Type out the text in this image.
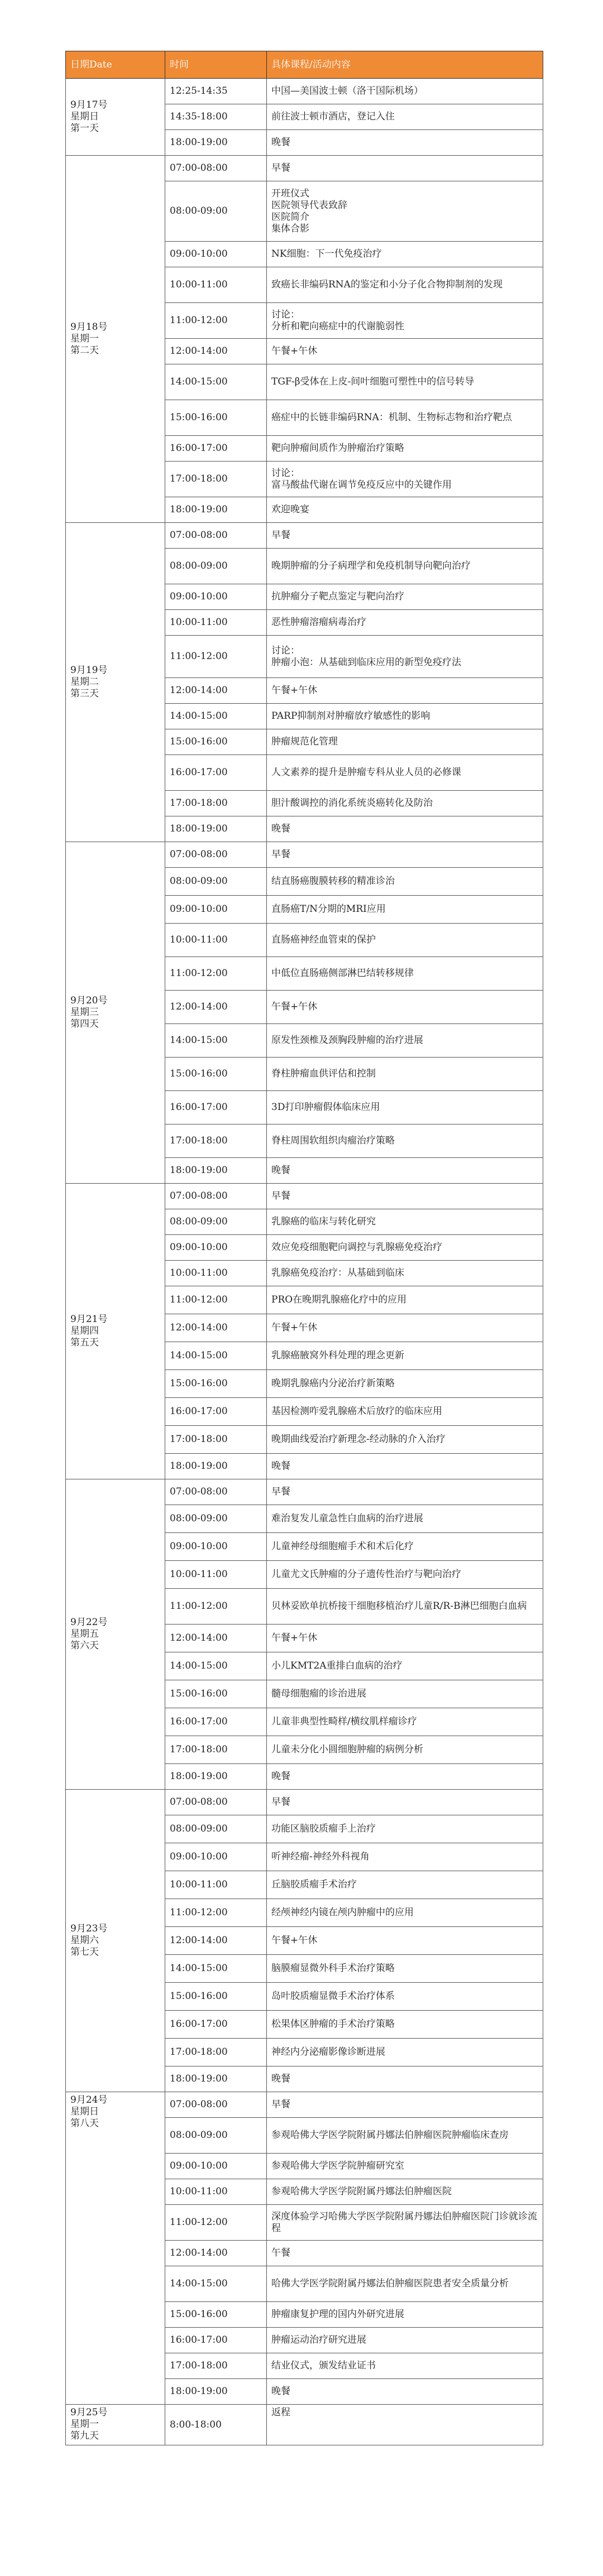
日期Date	时间	具体课程/活动内容
9月17号
星期日
第一天	12:25-14:35	中国—美国波士顿（洛干国际机场）
	14:35-18:00	前往波士顿市酒店，登记入住
	18:00-19:00	晚餐
9月18号
星期一
第二天	07:00-08:00	早餐
	08:00-09:00	开班仪式
医院领导代表致辞
医院简介
集体合影
	09:00-10:00	NK细胞：下一代免疫治疗
	10:00-11:00	致癌长非编码RNA的鉴定和小分子化合物抑制剂的发现
	11:00-12:00	讨论：
分析和靶向癌症中的代谢脆弱性
	12:00-14:00	午餐+午休
	14:00-15:00	TGF-β受体在上皮-间叶细胞可塑性中的信号转导
	15:00-16:00	癌症中的长链非编码RNA：机制、生物标志物和治疗靶点
	16:00-17:00	靶向肿瘤间质作为肿瘤治疗策略
	17:00-18:00	讨论：
富马酸盐代谢在调节免疫反应中的关键作用
	18:00-19:00	欢迎晚宴
9月19号
星期二
第三天	07:00-08:00	早餐
	08:00-09:00	晚期肿瘤的分子病理学和免疫机制导向靶向治疗
	09:00-10:00	抗肿瘤分子靶点鉴定与靶向治疗
	10:00-11:00	恶性肿瘤溶瘤病毒治疗
	11:00-12:00	讨论：
肿瘤小泡：从基础到临床应用的新型免疫疗法
	12:00-14:00	午餐+午休
	14:00-15:00	PARP抑制剂对肿瘤放疗敏感性的影响
	15:00-16:00	肿瘤规范化管理
	16:00-17:00	人文素养的提升是肿瘤专科从业人员的必修课
	17:00-18:00	胆汁酸调控的消化系统炎癌转化及防治
	18:00-19:00	晚餐
9月20号
星期三
第四天	07:00-08:00	早餐
	08:00-09:00	结直肠癌腹膜转移的精准诊治
	09:00-10:00	直肠癌T/N分期的MRI应用
	10:00-11:00	直肠癌神经血管束的保护
	11:00-12:00	中低位直肠癌侧部淋巴结转移规律
	12:00-14:00	午餐+午休
	14:00-15:00	原发性颈椎及颈胸段肿瘤的治疗进展
	15:00-16:00	脊柱肿瘤血供评估和控制
	16:00-17:00	3D打印肿瘤假体临床应用
	17:00-18:00	脊柱周围软组织肉瘤治疗策略
	18:00-19:00	晚餐
9月21号
星期四
第五天	07:00-08:00	早餐
	08:00-09:00	乳腺癌的临床与转化研究
	09:00-10:00	效应免疫细胞靶向调控与乳腺癌免疫治疗
	10:00-11:00	乳腺癌免疫治疗：从基础到临床
	11:00-12:00	PRO在晚期乳腺癌化疗中的应用
	12:00-14:00	午餐+午休
	14:00-15:00	乳腺癌腋窝外科处理的理念更新
	15:00-16:00	晚期乳腺癌内分泌治疗新策略
	16:00-17:00	基因检测咋爱乳腺癌术后放疗的临床应用
	17:00-18:00	晚期曲线爱治疗新理念-经动脉的介入治疗
	18:00-19:00	晚餐
9月22号
星期五
第六天	07:00-08:00	早餐
	08:00-09:00	难治复发儿童急性白血病的治疗进展
	09:00-10:00	儿童神经母细胞瘤手术和术后化疗
	10:00-11:00	儿童尤文氏肿瘤的分子遗传性治疗与靶向治疗
	11:00-12:00	贝林妥欧单抗桥接干细胞移植治疗儿童R/R-B淋巴细胞白血病
	12:00-14:00	午餐+午休
	14:00-15:00	小儿KMT2A重排白血病的治疗
	15:00-16:00	髓母细胞瘤的诊治进展
	16:00-17:00	儿童非典型性畸样/横纹肌样瘤诊疗
	17:00-18:00	儿童未分化小圆细胞肿瘤的病例分析
	18:00-19:00	晚餐
9月23号
星期六
第七天	07:00-08:00	早餐
	08:00-09:00	功能区脑胶质瘤手上治疗
	09:00-10:00	听神经瘤-神经外科视角
	10:00-11:00	丘脑胶质瘤手术治疗
	11:00-12:00	经颅神经内镜在颅内肿瘤中的应用
	12:00-14:00	午餐+午休
	14:00-15:00	脑膜瘤显微外科手术治疗策略
	15:00-16:00	岛叶胶质瘤显微手术治疗体系
	16:00-17:00	松果体区肿瘤的手术治疗策略
	17:00-18:00	神经内分泌瘤影像诊断进展
	18:00-19:00	晚餐
9月24号
星期日
第八天	07:00-08:00	早餐
	08:00-09:00	参观哈佛大学医学院附属丹娜法伯肿瘤医院肿瘤临床查房
	09:00-10:00	参观哈佛大学医学院肿瘤研究室
	10:00-11:00	参观哈佛大学医学院附属丹娜法伯肿瘤医院
	11:00-12:00	深度体验学习哈佛大学医学院附属丹娜法伯肿瘤医院门诊就诊流程
	12:00-14:00	午餐
	14:00-15:00	哈佛大学医学院附属丹娜法伯肿瘤医院患者安全质量分析
	15:00-16:00	肿瘤康复护理的国内外研究进展
	16:00-17:00	肿瘤运动治疗研究进展
	17:00-18:00	结业仪式，颁发结业证书
	18:00-19:00	晚餐
9月25号
星期一
第九天	8:00-18:00	返程
